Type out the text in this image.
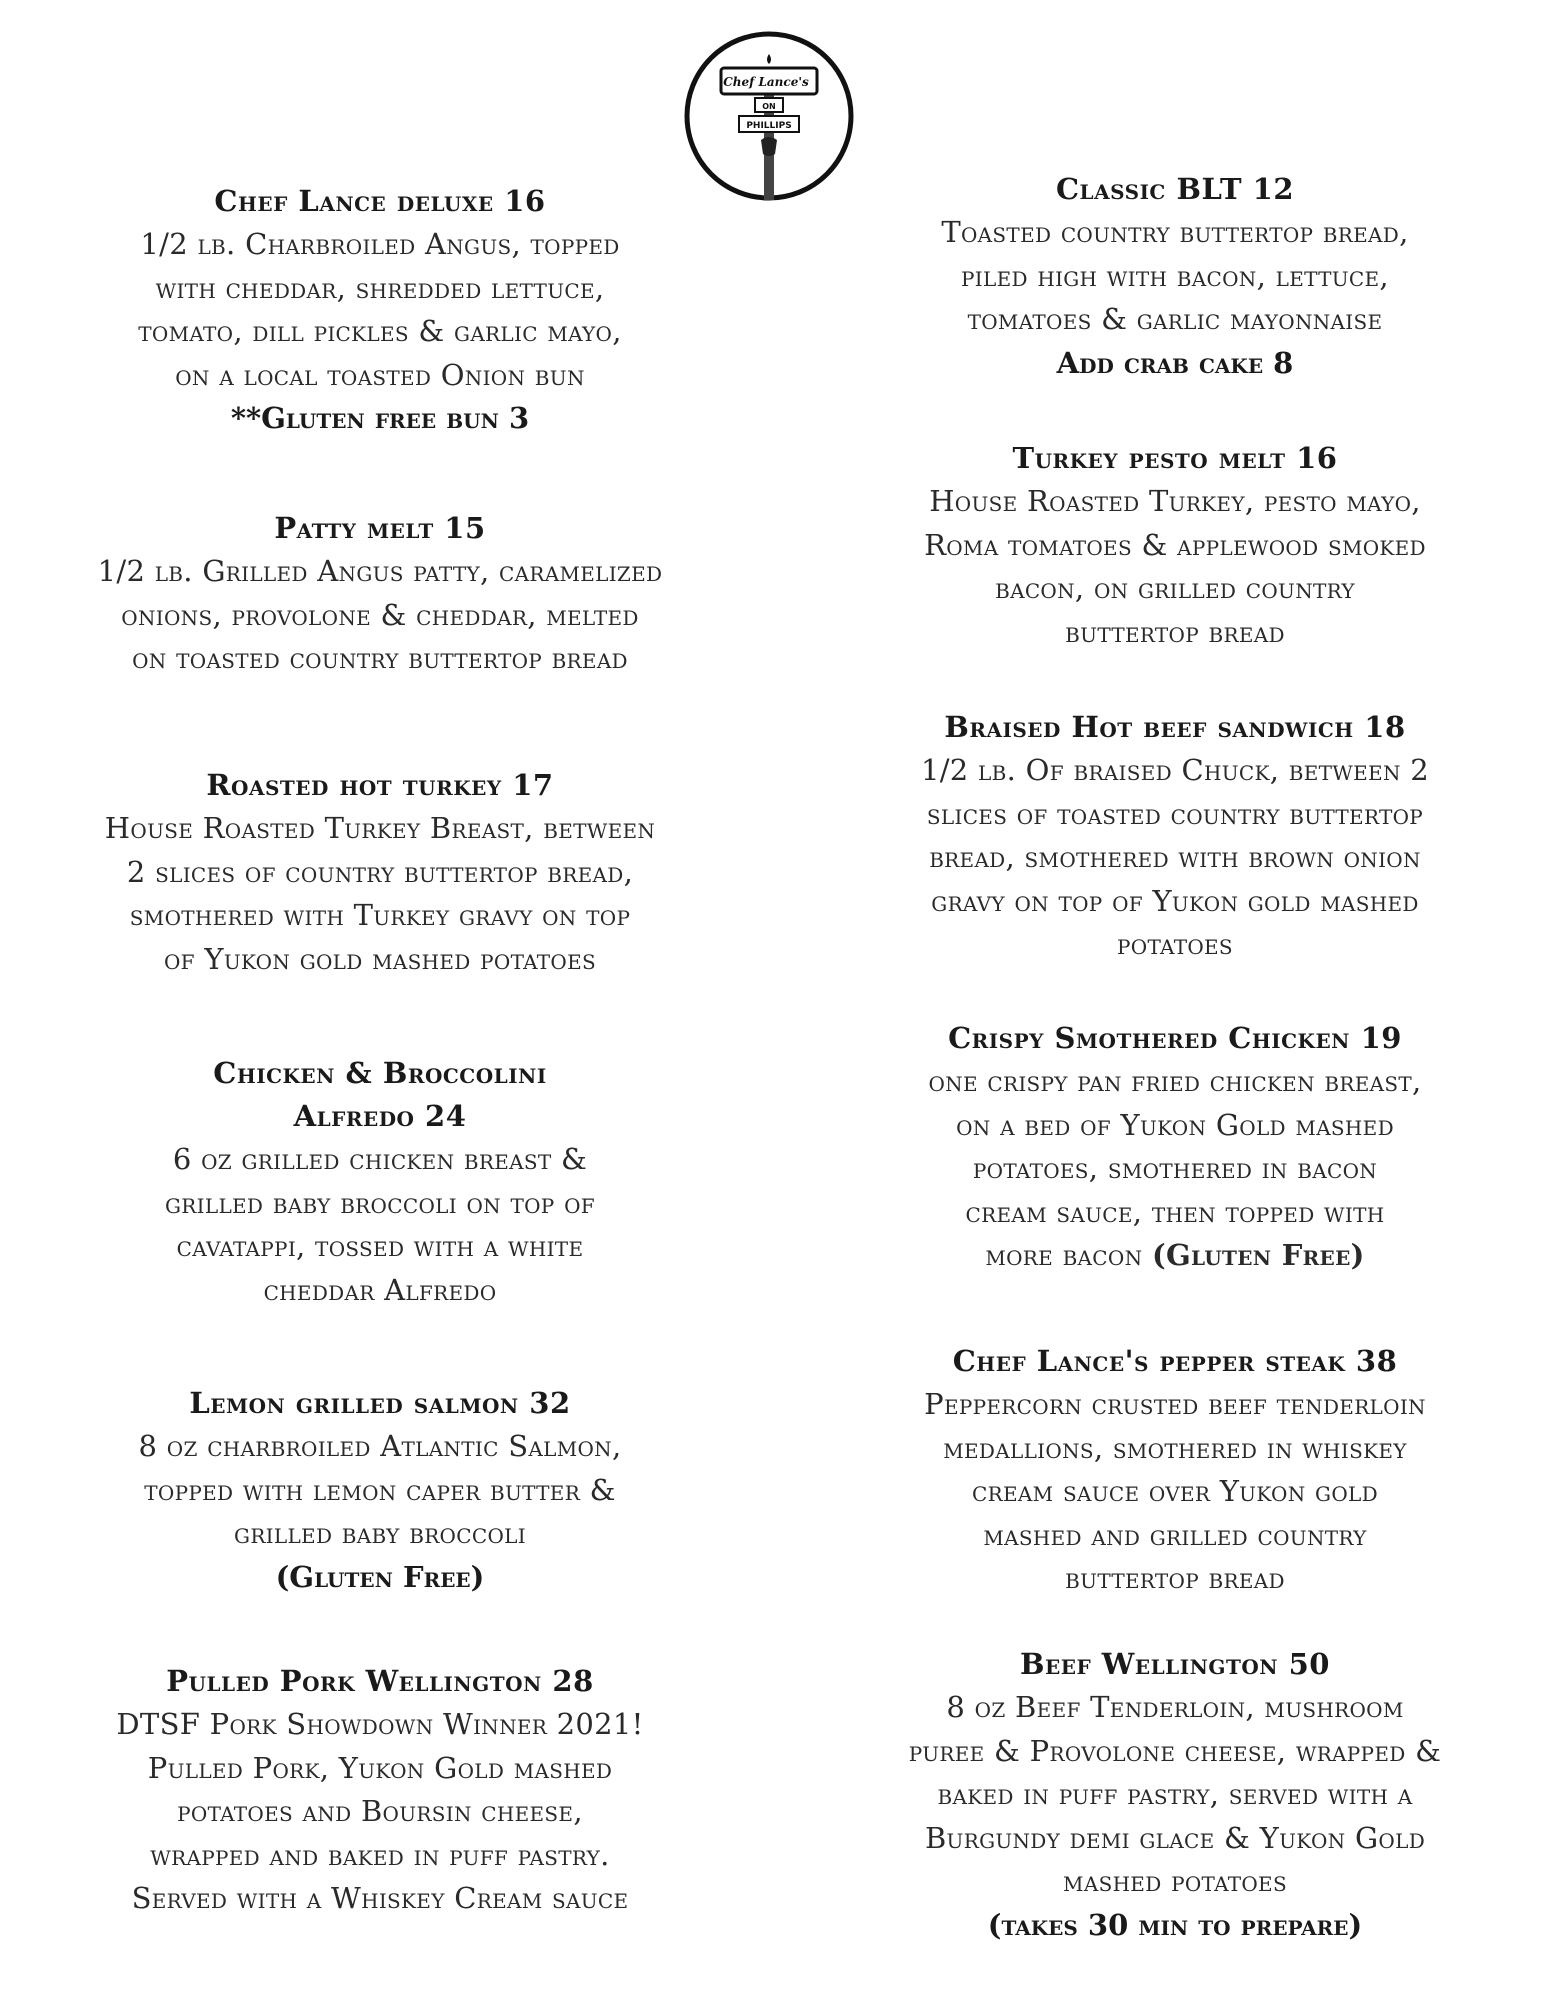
Chef Lance's
ON
PHILLIPS
Chef Lance deluxe 16
1/2 lb. Charbroiled Angus, topped
with cheddar, shredded lettuce,
tomato, dill pickles & garlic mayo,
on a local toasted Onion bun
**Gluten free bun 3
Patty melt 15
1/2 lb. Grilled Angus patty, caramelized
onions, provolone & cheddar, melted
on toasted country buttertop bread
Roasted hot turkey 17
House Roasted Turkey Breast, between
2 slices of country buttertop bread,
smothered with Turkey gravy on top
of Yukon gold mashed potatoes
Chicken & Broccolini
Alfredo 24
6 oz grilled chicken breast &
grilled baby broccoli on top of
cavatappi, tossed with a white
cheddar Alfredo
Lemon grilled salmon 32
8 oz charbroiled Atlantic Salmon,
topped with lemon caper butter &
grilled baby broccoli
(Gluten Free)
Pulled Pork Wellington 28
DTSF Pork Showdown Winner 2021!
Pulled Pork, Yukon Gold mashed
potatoes and Boursin cheese,
wrapped and baked in puff pastry.
Served with a Whiskey Cream sauce
Classic BLT 12
Toasted country buttertop bread,
piled high with bacon, lettuce,
tomatoes & garlic mayonnaise
Add crab cake 8
Turkey pesto melt 16
House Roasted Turkey, pesto mayo,
Roma tomatoes & applewood smoked
bacon, on grilled country
buttertop bread
Braised Hot beef sandwich 18
1/2 lb. Of braised Chuck, between 2
slices of toasted country buttertop
bread, smothered with brown onion
gravy on top of Yukon gold mashed
potatoes
Crispy Smothered Chicken 19
one crispy pan fried chicken breast,
on a bed of Yukon Gold mashed
potatoes, smothered in bacon
cream sauce, then topped with
more bacon (Gluten Free)
Chef Lance's pepper steak 38
Peppercorn crusted beef tenderloin
medallions, smothered in whiskey
cream sauce over Yukon gold
mashed and grilled country
buttertop bread
Beef Wellington 50
8 oz Beef Tenderloin, mushroom
puree & Provolone cheese, wrapped &
baked in puff pastry, served with a
Burgundy demi glace & Yukon Gold
mashed potatoes
(takes 30 min to prepare)
